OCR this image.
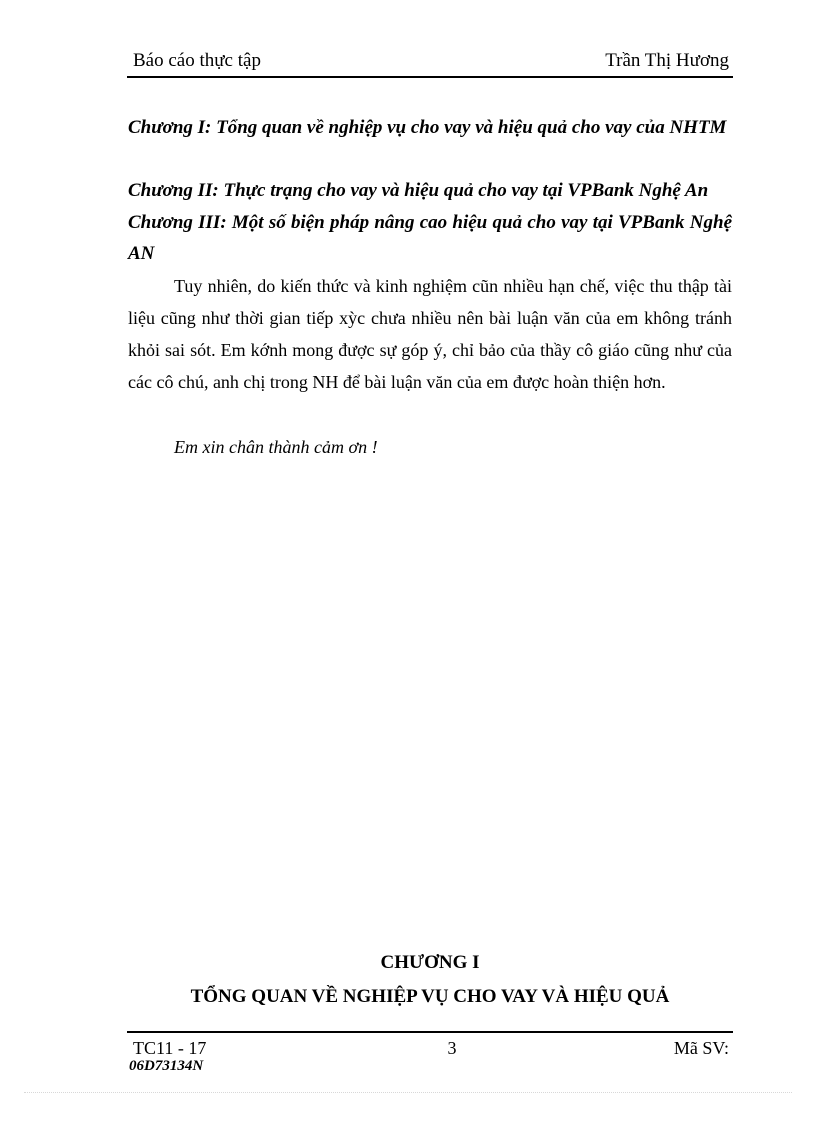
Báo cáo thực tập	Trần Thị Hương

Chương I: Tổng quan về nghiệp vụ cho vay và hiệu quả cho vay của NHTM

Chương II: Thực trạng cho vay và hiệu quả cho vay tại VPBank Nghệ An

Chương III: Một số biện pháp nâng cao hiệu quả cho vay tại VPBank Nghệ AN

Tuy nhiên, do kiến thức và kinh nghiệm cũn nhiều hạn chế, việc thu thập tài liệu cũng như thời gian tiếp xỳc chưa nhiều nên bài luận văn của em không tránh khỏi sai sót. Em kớnh mong được sự góp ý, chỉ bảo của thầy cô giáo cũng như của các cô chú, anh chị trong NH để bài luận văn của em được hoàn thiện hơn.

Em xin chân thành cảm ơn !
CHƯƠNG I
TỔNG QUAN VỀ NGHIỆP VỤ CHO VAY VÀ HIỆU QUẢ
TC11 - 17	3	Mã SV:
06D73134N
